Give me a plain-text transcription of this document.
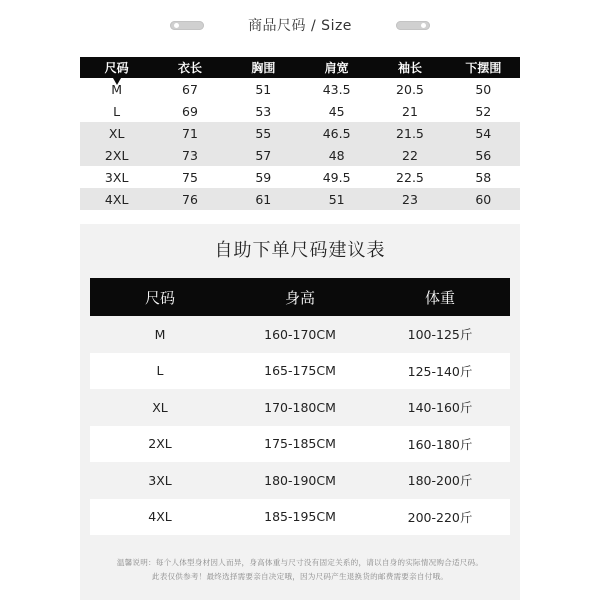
商品尺码 / Size
尺码	衣长	胸围	肩宽	袖长	下摆围
M	67	51	43.5	20.5	50
L	69	53	45	21	52
XL	71	55	46.5	21.5	54
2XL	73	57	48	22	56
3XL	75	59	49.5	22.5	58
4XL	76	61	51	23	60
自助下单尺码建议表
尺码	身高	体重
M	160-170CM	100-125斤
L	165-175CM	125-140斤
XL	170-180CM	140-160斤
2XL	175-185CM	160-180斤
3XL	180-190CM	180-200斤
4XL	185-195CM	200-220斤
温馨说明：每个人体型身材因人而异，身高体重与尺寸没有固定关系的，请以自身的实际情况购合适尺码。
此表仅供参考！最终选择需要亲自决定哦，因为尺码产生退换货的邮费需要亲自付哦。
